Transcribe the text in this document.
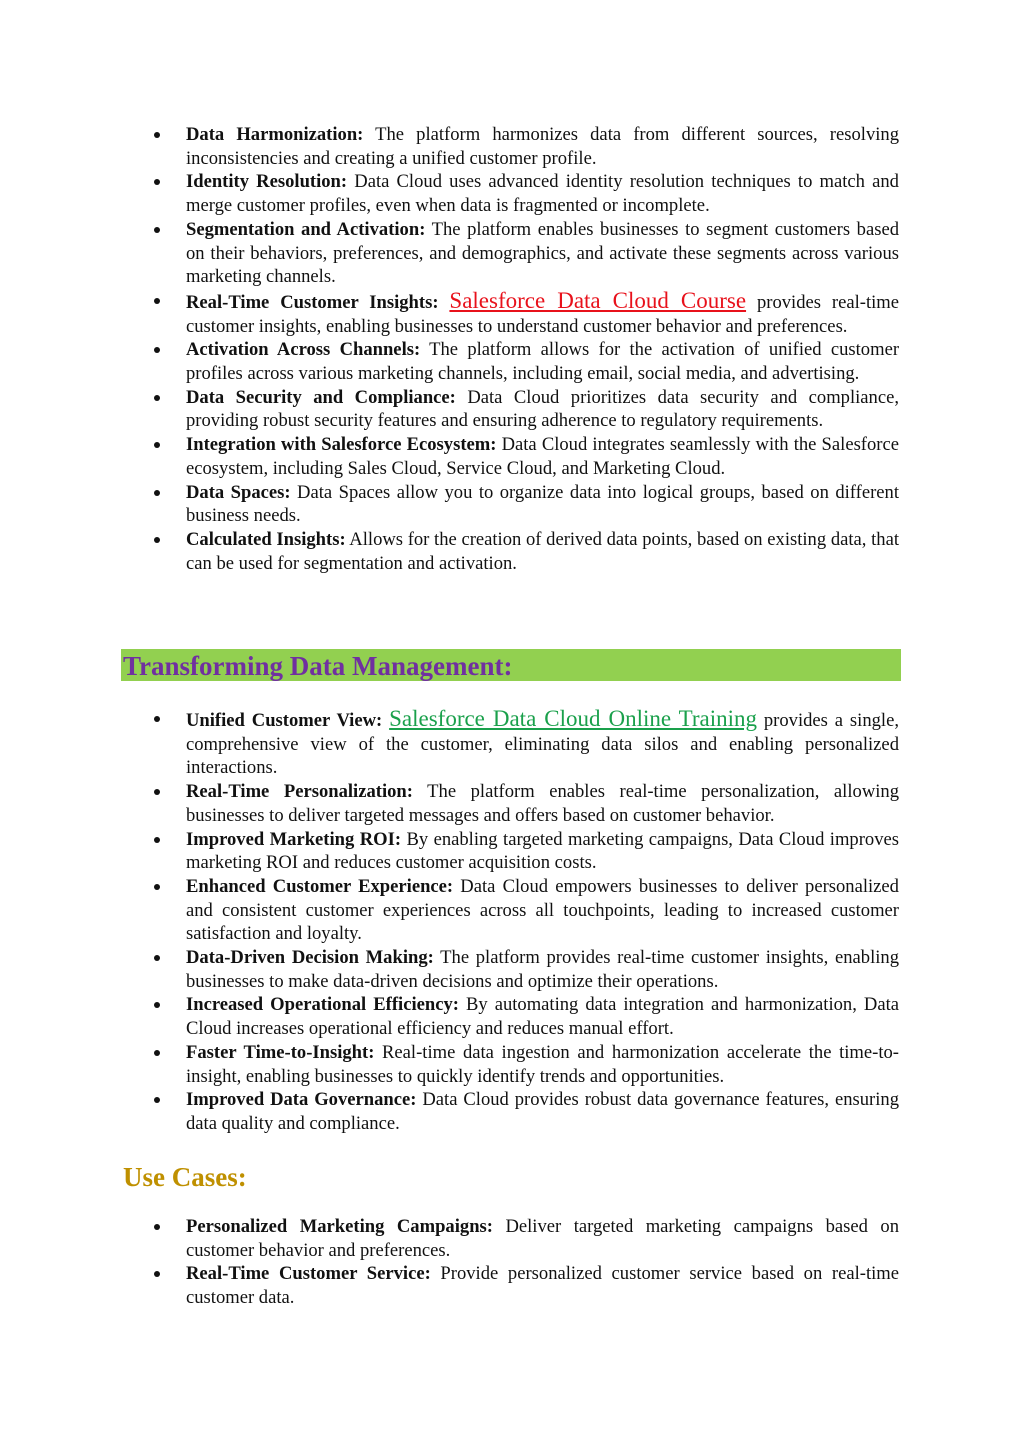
Data Harmonization: The platform harmonizes data from different sources, resolving inconsistencies and creating a unified customer profile.
Identity Resolution: Data Cloud uses advanced identity resolution techniques to match and merge customer profiles, even when data is fragmented or incomplete.
Segmentation and Activation: The platform enables businesses to segment customers based on their behaviors, preferences, and demographics, and activate these segments across various marketing channels.
Real-Time Customer Insights: Salesforce Data Cloud Course provides real-time customer insights, enabling businesses to understand customer behavior and preferences.
Activation Across Channels: The platform allows for the activation of unified customer profiles across various marketing channels, including email, social media, and advertising.
Data Security and Compliance: Data Cloud prioritizes data security and compliance, providing robust security features and ensuring adherence to regulatory requirements.
Integration with Salesforce Ecosystem: Data Cloud integrates seamlessly with the Salesforce ecosystem, including Sales Cloud, Service Cloud, and Marketing Cloud.
Data Spaces: Data Spaces allow you to organize data into logical groups, based on different business needs.
Calculated Insights: Allows for the creation of derived data points, based on existing data, that can be used for segmentation and activation.
Transforming Data Management:
Unified Customer View: Salesforce Data Cloud Online Training provides a single, comprehensive view of the customer, eliminating data silos and enabling personalized interactions.
Real-Time Personalization: The platform enables real-time personalization, allowing businesses to deliver targeted messages and offers based on customer behavior.
Improved Marketing ROI: By enabling targeted marketing campaigns, Data Cloud improves marketing ROI and reduces customer acquisition costs.
Enhanced Customer Experience: Data Cloud empowers businesses to deliver personalized and consistent customer experiences across all touchpoints, leading to increased customer satisfaction and loyalty.
Data-Driven Decision Making: The platform provides real-time customer insights, enabling businesses to make data-driven decisions and optimize their operations.
Increased Operational Efficiency: By automating data integration and harmonization, Data Cloud increases operational efficiency and reduces manual effort.
Faster Time-to-Insight: Real-time data ingestion and harmonization accelerate the time-to-insight, enabling businesses to quickly identify trends and opportunities.
Improved Data Governance: Data Cloud provides robust data governance features, ensuring data quality and compliance.
Use Cases:
Personalized Marketing Campaigns: Deliver targeted marketing campaigns based on customer behavior and preferences.
Real-Time Customer Service: Provide personalized customer service based on real-time customer data.
